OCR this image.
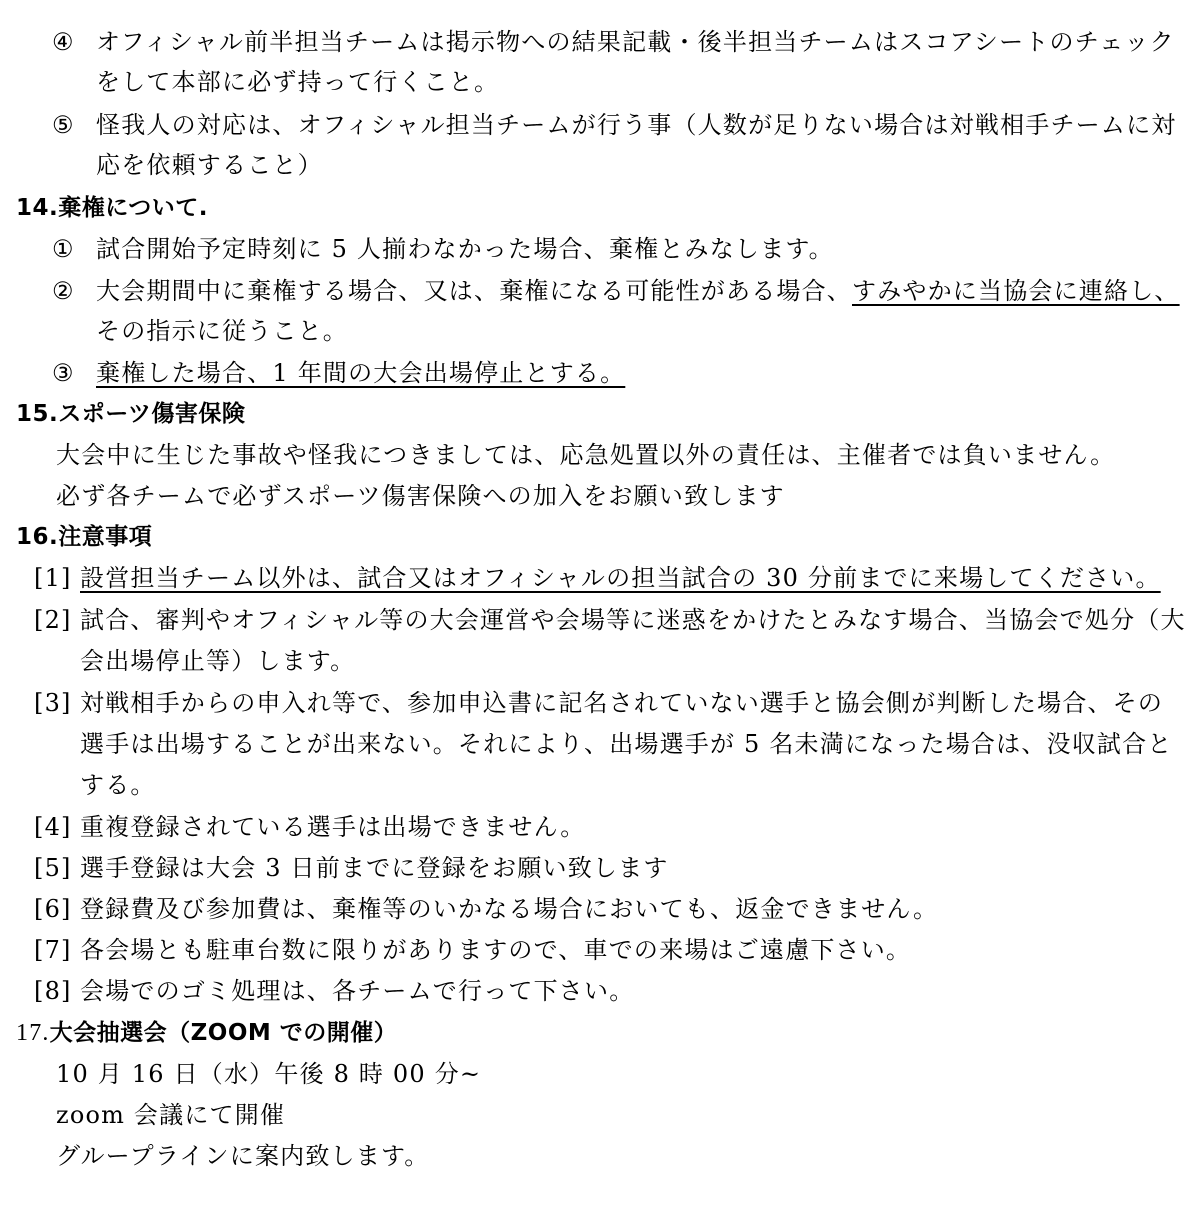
④ オフィシャル前半担当チームは掲示物への結果記載・後半担当チームはスコアシートのチェック
をして本部に必ず持って行くこと。
⑤ 怪我人の対応は、オフィシャル担当チームが行う事（人数が足りない場合は対戦相手チームに対
応を依頼すること）
14.棄権について.
① 試合開始予定時刻に 5 人揃わなかった場合、棄権とみなします。
② 大会期間中に棄権する場合、又は、棄権になる可能性がある場合、すみやかに当協会に連絡し、
その指示に従うこと。
③ 棄権した場合、1 年間の大会出場停止とする。
15.スポーツ傷害保険
大会中に生じた事故や怪我につきましては、応急処置以外の責任は、主催者では負いません。
必ず各チームで必ずスポーツ傷害保険への加入をお願い致します
16.注意事項
[1] 設営担当チーム以外は、試合又はオフィシャルの担当試合の 30 分前までに来場してください。
[2] 試合、審判やオフィシャル等の大会運営や会場等に迷惑をかけたとみなす場合、当協会で処分（大
会出場停止等）します。
[3] 対戦相手からの申入れ等で、参加申込書に記名されていない選手と協会側が判断した場合、その
選手は出場することが出来ない。それにより、出場選手が 5 名未満になった場合は、没収試合と
する。
[4] 重複登録されている選手は出場できません。
[5] 選手登録は大会 3 日前までに登録をお願い致します
[6] 登録費及び参加費は、棄権等のいかなる場合においても、返金できません。
[7] 各会場とも駐車台数に限りがありますので、車での来場はご遠慮下さい。
[8] 会場でのゴミ処理は、各チームで行って下さい。
17.大会抽選会（ZOOM での開催）
10 月 16 日（水）午後 8 時 00 分~
zoom 会議にて開催
グループラインに案内致します。
